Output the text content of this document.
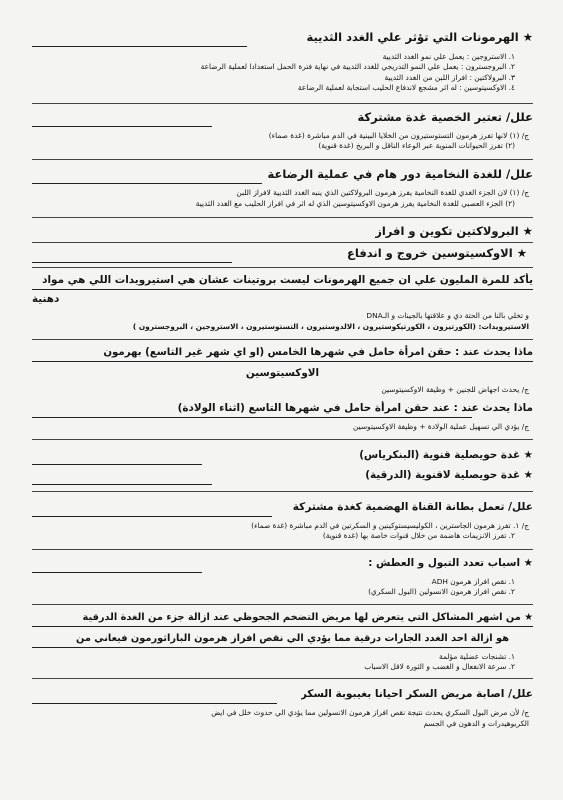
★ الهرمونات التي تؤثر علي الغدد الثديية
١. الاستروجين : يعمل علي نمو الغدد الثديية
٢. البروجسترون : يعمل علي النمو التدريجي للغدد الثديية في نهاية فترة الحمل استعدادا لعملية الرضاعة
٣. البرولاكتين : افراز اللبن من الغدد الثديية
٤. الاوكسيتوسين : له اثر مشجع لاندفاع الحليب استجابة لعملية الرضاعة
علل/ تعتبر الخصية غدة مشتركة
ج/ (١) لانها تفرز هرمون التستوستيرون من الخلايا البينية في الدم مباشرة (غدة صماء)
(٢) تفرز الحيوانات المنوية عبر الوعاء الناقل و البربخ (غدة قنوية)
علل/ للغدة النخامية دور هام في عملية الرضاعة
ج/ (١) لان الجزء الغدي للغدة النخامية يفرز هرمون البرولاكتين الذي ينبه الغدد الثديية لافراز اللبن
(٢) الجزء العصبي للغدة النخامية يفرز هرمون الاوكسيتوسين الذي له اثر في افراز الحليب مع الغدد الثديية
★ البرولاكتين تكوين و افراز
★ الاوكسيتوسين خروج و اندفاع
يأكد للمرة المليون علي ان جميع الهرمونات ليست بروتينات عشان هي استيرويدات اللي هي مواد
دهنية
و تخلي بالنا من الحتة دي و علاقتها بالجينات و الـDNA
الاستيرويدات: (الكورتيزون ، الكورتيكوستيرون ، الالدوستيرون ، التستوستيرون ، الاستروجين ، البروجسترون )
ماذا يحدث عند : حقن امرأة حامل في شهرها الخامس (او اي شهر غير التاسع) بهرمون
الاوكسيتوسين
ج/ يحدث اجهاض للجنين + وظيفة الاوكسيتوسين
ماذا يحدث عند : عند حقن امرأة حامل في شهرها التاسع (اثناء الولادة)
ج/ يؤدي الي تسهيل عملية الولادة + وظيفة الاوكسيتوسين
★ غدة حويصلية قنوية (البنكرياس)
★ غدة حويصلية لاقنوية (الدرقية)
علل/ تعمل بطانة القناة الهضمية كغدة مشتركة
ج/ ١. تفرز هرمون الجاسترين ، الكوليسيستوكينين و السكرتين في الدم مباشرة (غدة صماء)
٢. تفرز الانزيمات هاضمة من خلال قنوات خاصة بها (غدة قنوية)
★ اسباب تعدد التبول و العطش :
١. نقص افراز هرمون ADH
٢. نقص افراز هرمون الانسولين (البول السكري)
★ من اشهر المشاكل التي يتعرض لها مريض التضخم الجحوظي عند ازالة جزء من الغدة الدرقية
هو ازالة احد الغدد الجارات درقية مما يؤدي الي نقص افراز هرمون الباراثورمون فيعاني من
١. تشنجات عضلية مؤلمة
٢. سرعة الانفعال و الغضب و الثورة لاقل الاسباب
علل/ اصابة مريض السكر احيانا بغيبوبة السكر
ج/ لأن مرض البول السكري يحدث نتيجة نقص افراز هرمون الانسولين مما يؤدي الي حدوث خلل في ايض
الكربوهيدرات و الدهون في الجسم
